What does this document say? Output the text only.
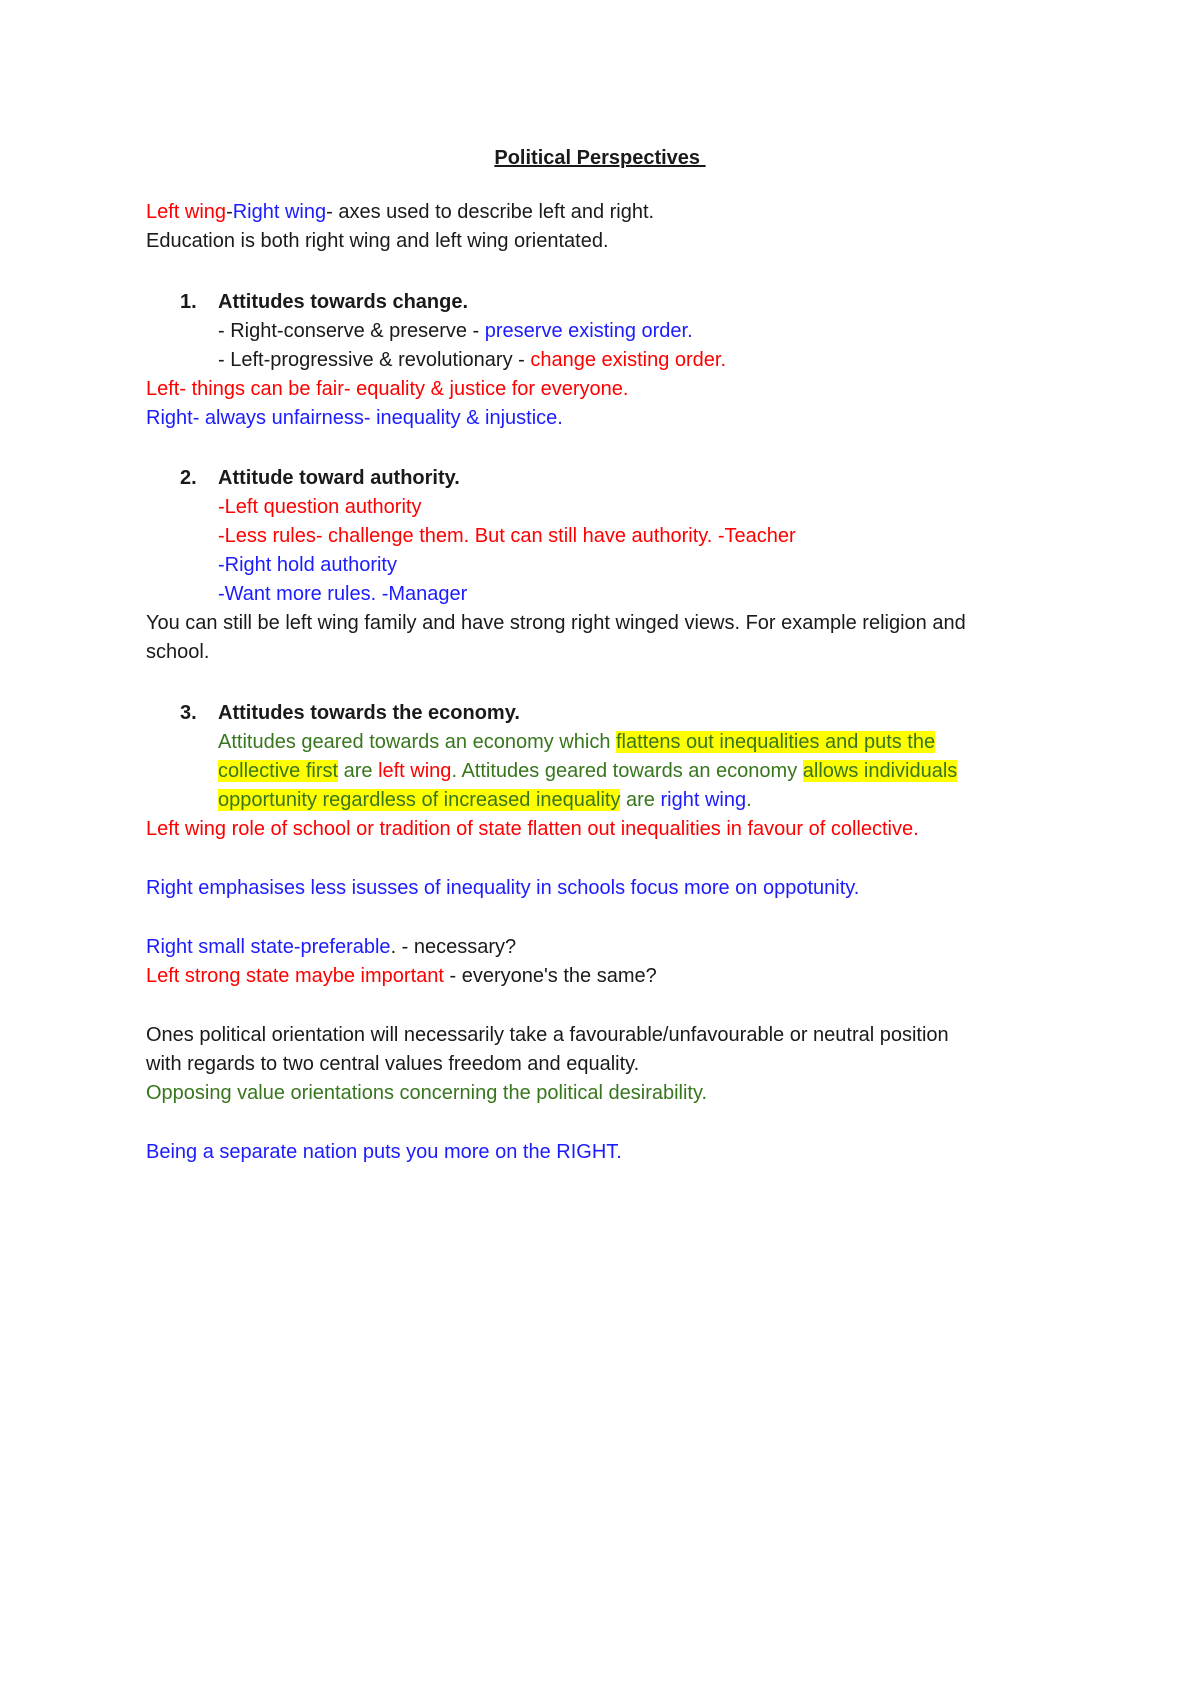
Political Perspectives
Left wing-Right wing- axes used to describe left and right.
Education is both right wing and left wing orientated.
1. Attitudes towards change.
- Right-conserve & preserve - preserve existing order.
- Left-progressive & revolutionary - change existing order.
Left- things can be fair- equality & justice for everyone.
Right- always unfairness- inequality & injustice.
2. Attitude toward authority.
-Left question authority
-Less rules- challenge them. But can still have authority. -Teacher
-Right hold authority
-Want more rules. -Manager
You can still be left wing family and have strong right winged views. For example religion and
school.
3. Attitudes towards the economy.
Attitudes geared towards an economy which flattens out inequalities and puts the
collective first are left wing. Attitudes geared towards an economy allows individuals
opportunity regardless of increased inequality are right wing.
Left wing role of school or tradition of state flatten out inequalities in favour of collective.
Right emphasises less isusses of inequality in schools focus more on oppotunity.
Right small state-preferable. - necessary?
Left strong state maybe important - everyone's the same?
Ones political orientation will necessarily take a favourable/unfavourable or neutral position
with regards to two central values freedom and equality.
Opposing value orientations concerning the political desirability.
Being a separate nation puts you more on the RIGHT.
